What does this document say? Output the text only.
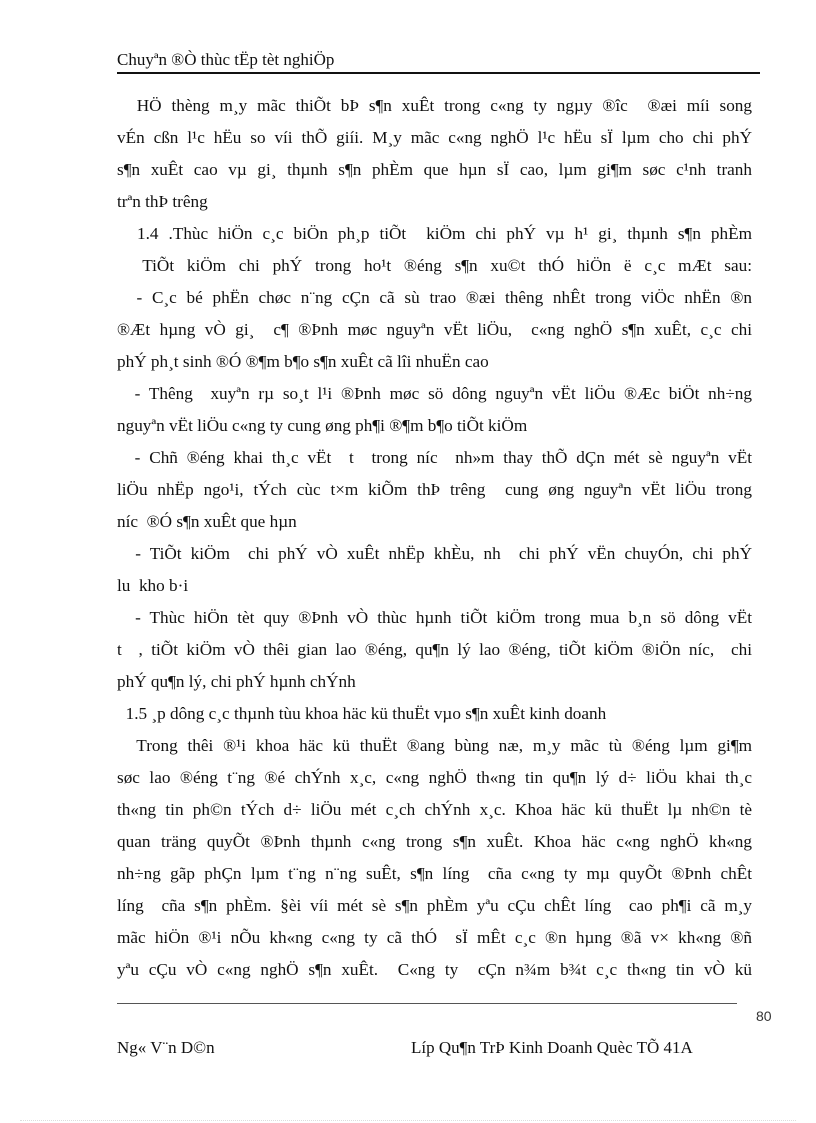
Chuyªn ®Ò thùc tËp tèt nghiÖp
HÖ thèng m¸y mãc thiÕt bÞ s¶n xuÊt trong c«ng ty ngµy ®îc  ®æi míi song
vÉn cßn l¹c hËu so víi thÕ giíi. M¸y mãc c«ng nghÖ l¹c hËu sÏ lµm cho chi phÝ
s¶n xuÊt cao vµ gi¸ thµnh s¶n phÈm que hµn sÏ cao, lµm gi¶m søc c¹nh tranh
trªn thÞ trêng
1.4 .Thùc hiÖn c¸c biÖn ph¸p tiÕt  kiÖm chi phÝ vµ h¹ gi¸ thµnh s¶n phÈm
TiÕt kiÖm chi phÝ trong ho¹t ®éng s¶n xu©t thÓ hiÖn ë c¸c mÆt sau:
- C¸c bé phËn chøc n¨ng cÇn cã sù trao ®æi thêng nhÊt trong viÖc nhËn ®n
®Æt hµng vÒ gi¸  c¶ ®Þnh møc nguyªn vËt liÖu,  c«ng nghÖ s¶n xuÊt, c¸c chi
phÝ ph¸t sinh ®Ó ®¶m b¶o s¶n xuÊt cã lîi nhuËn cao
- Thêng  xuyªn rµ so¸t l¹i ®Þnh møc sö dông nguyªn vËt liÖu ®Æc biÖt nh÷ng
nguyªn vËt liÖu c«ng ty cung øng ph¶i ®¶m b¶o tiÕt kiÖm
- Chñ ®éng khai th¸c vËt  t  trong níc  nh»m thay thÕ dÇn mét sè nguyªn vËt
liÖu nhËp ngo¹i, tÝch cùc t×m kiÕm thÞ trêng  cung øng nguyªn vËt liÖu trong
níc  ®Ó s¶n xuÊt que hµn
- TiÕt kiÖm  chi phÝ vÒ xuÊt nhËp khÈu, nh  chi phÝ vËn chuyÓn, chi phÝ
lu  kho b·i
- Thùc hiÖn tèt quy ®Þnh vÒ thùc hµnh tiÕt kiÖm trong mua b¸n sö dông vËt
t  , tiÕt kiÖm vÒ thêi gian lao ®éng, qu¶n lý lao ®éng, tiÕt kiÖm ®iÖn níc,  chi
phÝ qu¶n lý, chi phÝ hµnh chÝnh
1.5 ¸p dông c¸c thµnh tùu khoa häc kü thuËt vµo s¶n xuÊt kinh doanh
Trong thêi ®¹i khoa häc kü thuËt ®ang bùng næ, m¸y mãc tù ®éng lµm gi¶m
søc lao ®éng t¨ng ®é chÝnh x¸c, c«ng nghÖ th«ng tin qu¶n lý d÷ liÖu khai th¸c
th«ng tin ph©n tÝch d÷ liÖu mét c¸ch chÝnh x¸c. Khoa häc kü thuËt lµ nh©n tè
quan träng quyÕt ®Þnh thµnh c«ng trong s¶n xuÊt. Khoa häc c«ng nghÖ kh«ng
nh÷ng gãp phÇn lµm t¨ng n¨ng suÊt, s¶n líng  cña c«ng ty mµ quyÕt ®Þnh chÊt
líng  cña s¶n phÈm. §èi víi mét sè s¶n phÈm yªu cÇu chÊt líng  cao ph¶i cã m¸y
mãc hiÖn ®¹i nÕu kh«ng c«ng ty cã thÓ  sÏ mÊt c¸c ®n hµng ®ã v× kh«ng ®ñ
yªu cÇu vÒ c«ng nghÖ s¶n xuÊt.  C«ng ty  cÇn n¾m b¾t c¸c th«ng tin vÒ kü
80
Ng« V¨n D©n	Líp Qu¶n TrÞ Kinh Doanh Quèc TÕ 41A
